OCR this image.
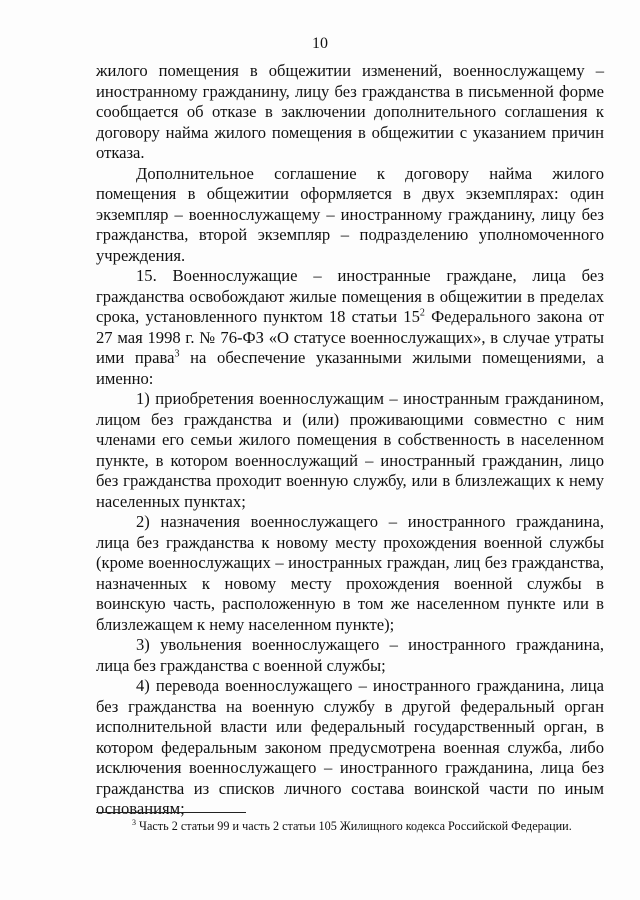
10

жилого помещения в общежитии изменений, военнослужащему – иностранному гражданину, лицу без гражданства в письменной форме сообщается об отказе в заключении дополнительного соглашения к договору найма жилого помещения в общежитии с указанием причин отказа.

Дополнительное соглашение к договору найма жилого помещения в общежитии оформляется в двух экземплярах: один экземпляр – военнослужащему – иностранному гражданину, лицу без гражданства, второй экземпляр – подразделению уполномоченного учреждения.

15. Военнослужащие – иностранные граждане, лица без гражданства освобождают жилые помещения в общежитии в пределах срока, установленного пунктом 18 статьи $15^2$ Федерального закона от 27 мая 1998 г. № 76-ФЗ «О статусе военнослужащих», в случае утраты ими права$^3$ на обеспечение указанными жилыми помещениями, а именно:

1) приобретения военнослужащим – иностранным гражданином, лицом без гражданства и (или) проживающими совместно с ним членами его семьи жилого помещения в собственность в населенном пункте, в котором военнослужащий – иностранный гражданин, лицо без гражданства проходит военную службу, или в близлежащих к нему населенных пунктах;

2) назначения военнослужащего – иностранного гражданина, лица без гражданства к новому месту прохождения военной службы (кроме военнослужащих – иностранных граждан, лиц без гражданства, назначенных к новому месту прохождения военной службы в воинскую часть, расположенную в том же населенном пункте или в близлежащем к нему населенном пункте);

3) увольнения военнослужащего – иностранного гражданина, лица без гражданства с военной службы;

4) перевода военнослужащего – иностранного гражданина, лица без гражданства на военную службу в другой федеральный орган исполнительной власти или федеральный государственный орган, в котором федеральным законом предусмотрена военная служба, либо исключения военнослужащего – иностранного гражданина, лица без гражданства из списков личного состава воинской части по иным основаниям;

$^3$ Часть 2 статьи 99 и часть 2 статьи 105 Жилищного кодекса Российской Федерации.
